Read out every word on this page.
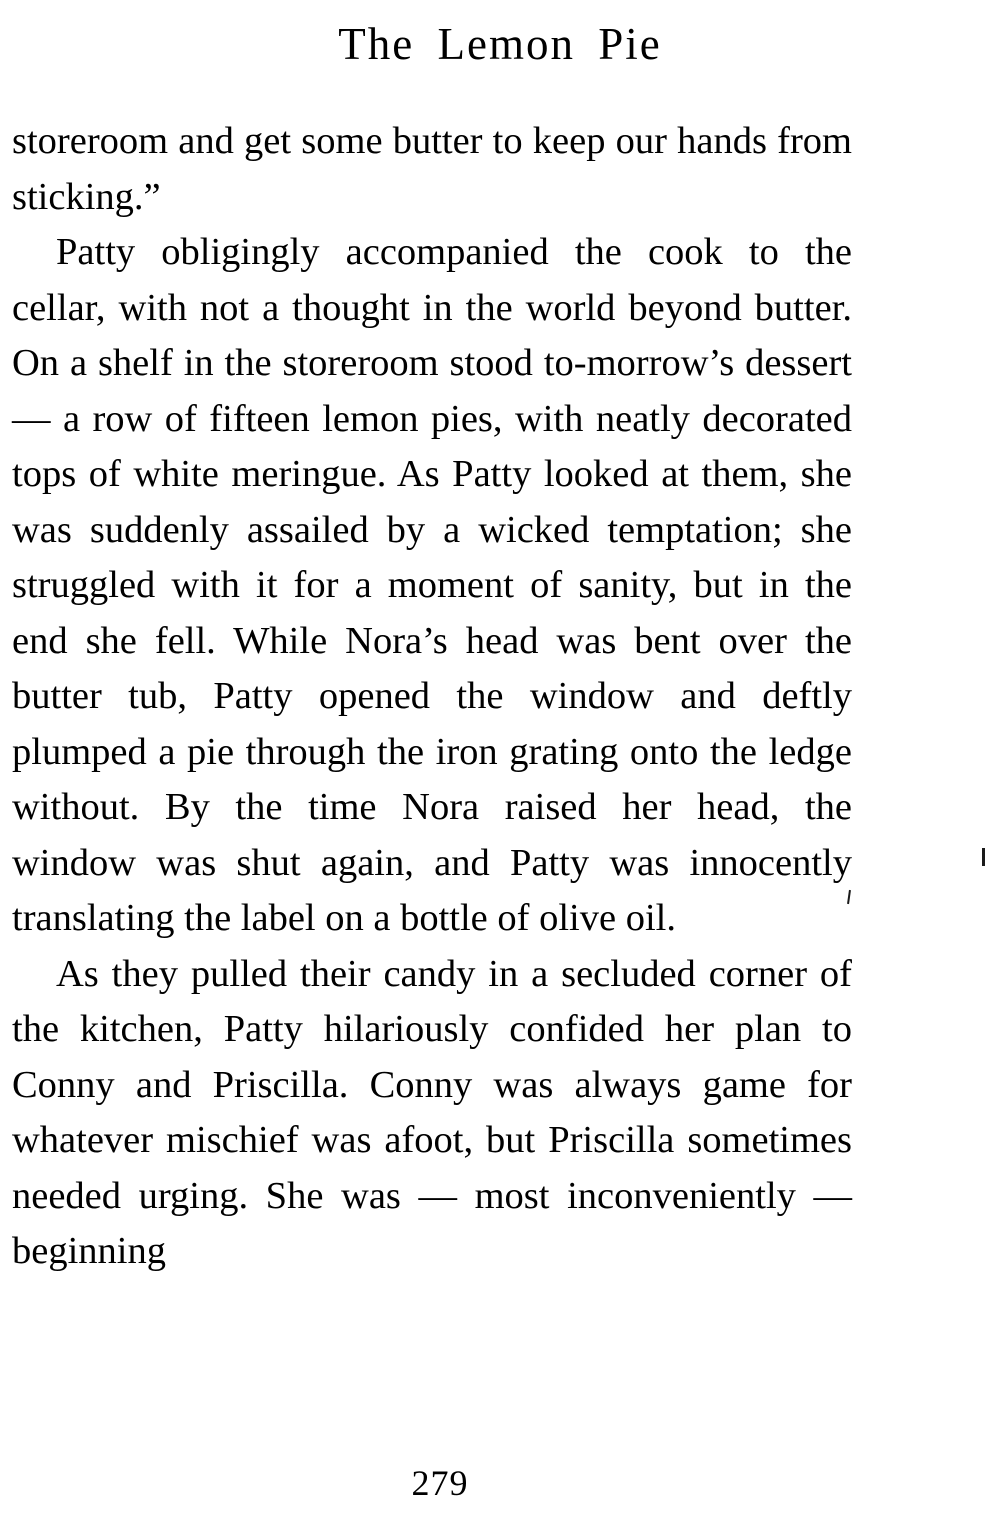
The Lemon Pie

storeroom and get some butter to keep our hands from sticking.”

Patty obligingly accompanied the cook to the cellar, with not a thought in the world beyond butter. On a shelf in the storeroom stood to-morrow’s dessert — a row of fifteen lemon pies, with neatly decorated tops of white meringue. As Patty looked at them, she was suddenly assailed by a wicked temptation; she struggled with it for a moment of sanity, but in the end she fell. While Nora’s head was bent over the butter tub, Patty opened the window and deftly plumped a pie through the iron grating onto the ledge without. By the time Nora raised her head, the window was shut again, and Patty was innocently translating the label on a bottle of olive oil.

As they pulled their candy in a secluded corner of the kitchen, Patty hilariously confided her plan to Conny and Priscilla. Conny was always game for whatever mischief was afoot, but Priscilla sometimes needed urging. She was — most inconveniently — beginning

279
